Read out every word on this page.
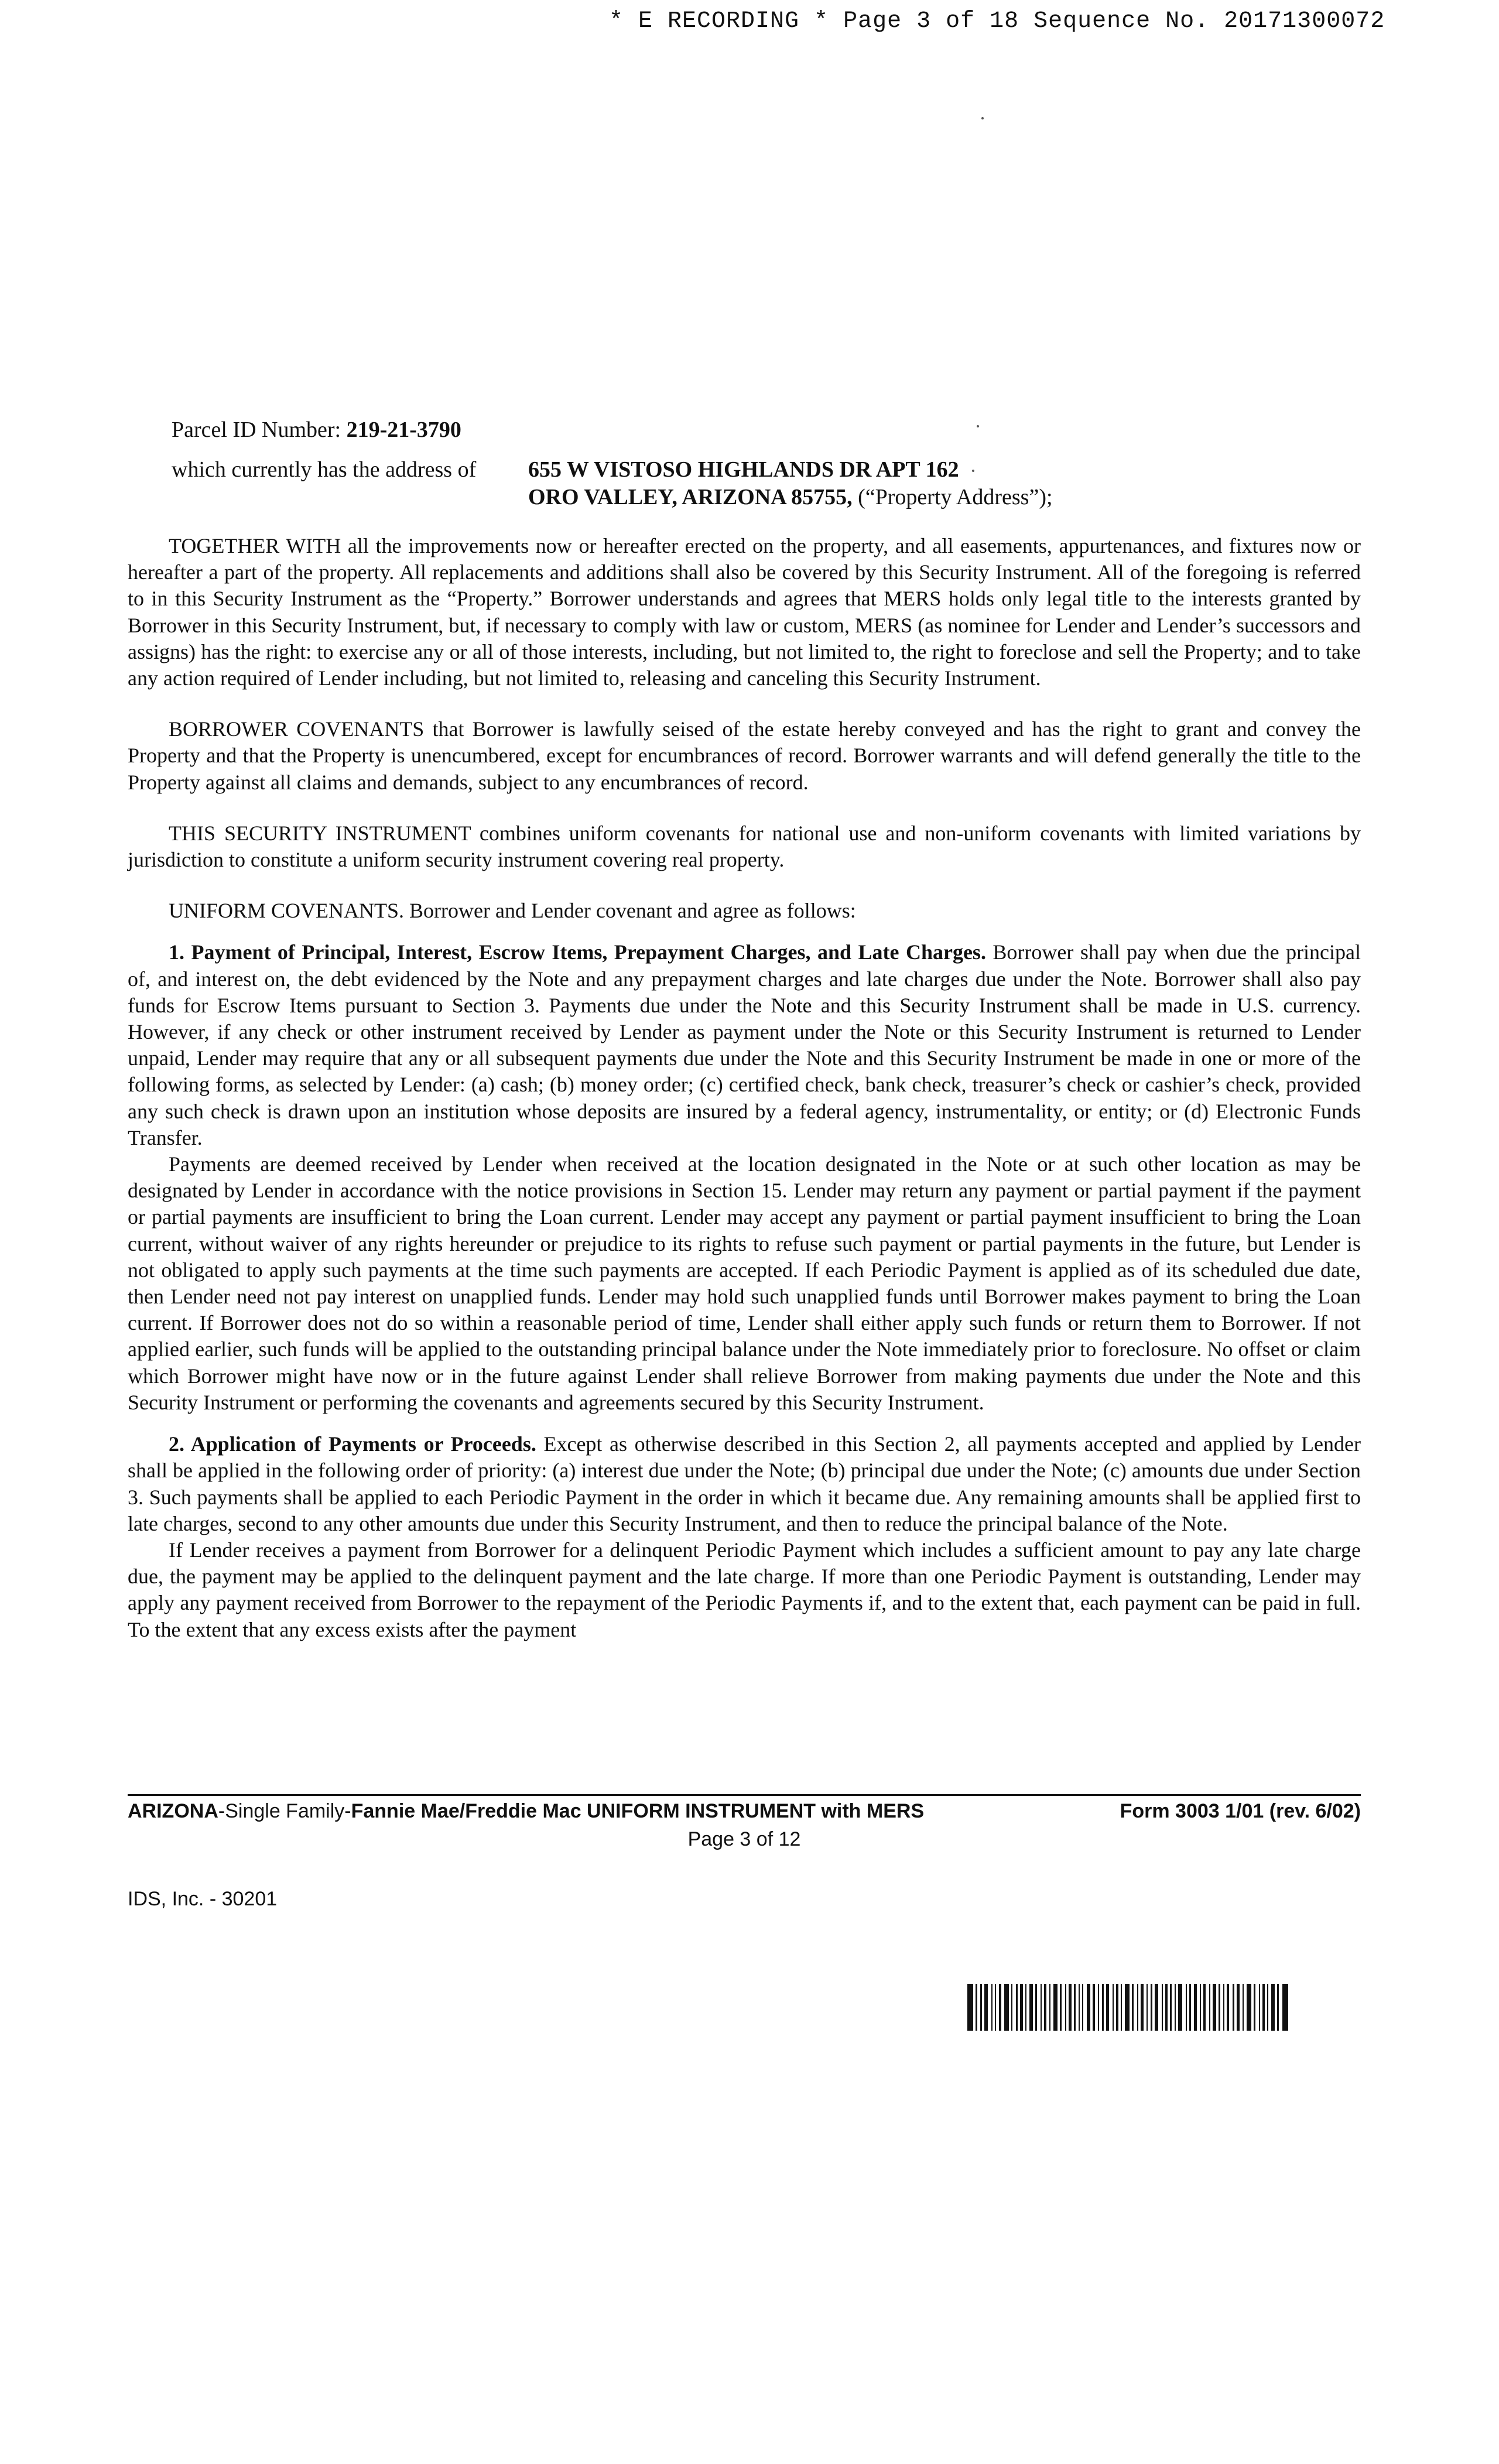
* E RECORDING * Page 3 of 18 Sequence No. 20171300072
Parcel ID Number: 219-21-3790
which currently has the address of 655 W VISTOSO HIGHLANDS DR APT 162
ORO VALLEY, ARIZONA 85755, (“Property Address”);

TOGETHER WITH all the improvements now or hereafter erected on the property, and all easements, appurtenances, and fixtures now or hereafter a part of the property. All replacements and additions shall also be covered by this Security Instrument. All of the foregoing is referred to in this Security Instrument as the “Property.” Borrower understands and agrees that MERS holds only legal title to the interests granted by Borrower in this Security Instrument, but, if necessary to comply with law or custom, MERS (as nominee for Lender and Lender’s successors and assigns) has the right: to exercise any or all of those interests, including, but not limited to, the right to foreclose and sell the Property; and to take any action required of Lender including, but not limited to, releasing and canceling this Security Instrument.

BORROWER COVENANTS that Borrower is lawfully seised of the estate hereby conveyed and has the right to grant and convey the Property and that the Property is unencumbered, except for encumbrances of record. Borrower warrants and will defend generally the title to the Property against all claims and demands, subject to any encumbrances of record.

THIS SECURITY INSTRUMENT combines uniform covenants for national use and non-uniform covenants with limited variations by jurisdiction to constitute a uniform security instrument covering real property.

UNIFORM COVENANTS. Borrower and Lender covenant and agree as follows:

1. Payment of Principal, Interest, Escrow Items, Prepayment Charges, and Late Charges. Borrower shall pay when due the principal of, and interest on, the debt evidenced by the Note and any prepayment charges and late charges due under the Note. Borrower shall also pay funds for Escrow Items pursuant to Section 3. Payments due under the Note and this Security Instrument shall be made in U.S. currency. However, if any check or other instrument received by Lender as payment under the Note or this Security Instrument is returned to Lender unpaid, Lender may require that any or all subsequent payments due under the Note and this Security Instrument be made in one or more of the following forms, as selected by Lender: (a) cash; (b) money order; (c) certified check, bank check, treasurer’s check or cashier’s check, provided any such check is drawn upon an institution whose deposits are insured by a federal agency, instrumentality, or entity; or (d) Electronic Funds Transfer.

Payments are deemed received by Lender when received at the location designated in the Note or at such other location as may be designated by Lender in accordance with the notice provisions in Section 15. Lender may return any payment or partial payment if the payment or partial payments are insufficient to bring the Loan current. Lender may accept any payment or partial payment insufficient to bring the Loan current, without waiver of any rights hereunder or prejudice to its rights to refuse such payment or partial payments in the future, but Lender is not obligated to apply such payments at the time such payments are accepted. If each Periodic Payment is applied as of its scheduled due date, then Lender need not pay interest on unapplied funds. Lender may hold such unapplied funds until Borrower makes payment to bring the Loan current. If Borrower does not do so within a reasonable period of time, Lender shall either apply such funds or return them to Borrower. If not applied earlier, such funds will be applied to the outstanding principal balance under the Note immediately prior to foreclosure. No offset or claim which Borrower might have now or in the future against Lender shall relieve Borrower from making payments due under the Note and this Security Instrument or performing the covenants and agreements secured by this Security Instrument.

2. Application of Payments or Proceeds. Except as otherwise described in this Section 2, all payments accepted and applied by Lender shall be applied in the following order of priority: (a) interest due under the Note; (b) principal due under the Note; (c) amounts due under Section 3. Such payments shall be applied to each Periodic Payment in the order in which it became due. Any remaining amounts shall be applied first to late charges, second to any other amounts due under this Security Instrument, and then to reduce the principal balance of the Note.

If Lender receives a payment from Borrower for a delinquent Periodic Payment which includes a sufficient amount to pay any late charge due, the payment may be applied to the delinquent payment and the late charge. If more than one Periodic Payment is outstanding, Lender may apply any payment received from Borrower to the repayment of the Periodic Payments if, and to the extent that, each payment can be paid in full. To the extent that any excess exists after the payment

ARIZONA-Single Family-Fannie Mae/Freddie Mac UNIFORM INSTRUMENT with MERS	Form 3003 1/01 (rev. 6/02)
Page 3 of 12
IDS, Inc. - 30201
